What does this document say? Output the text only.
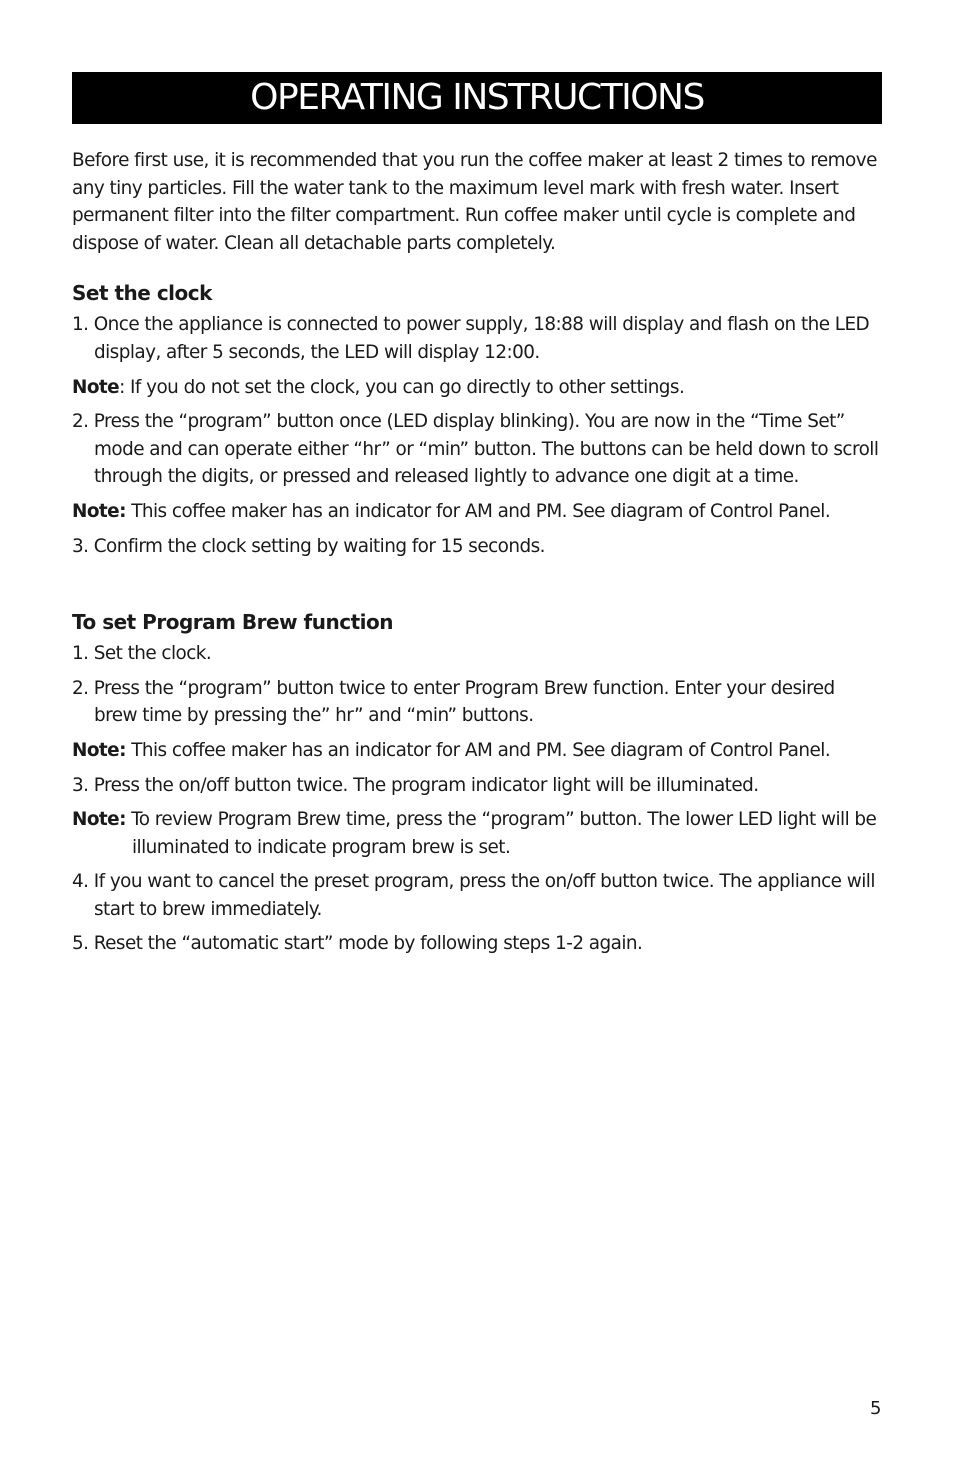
OPERATING INSTRUCTIONS

Before first use, it is recommended that you run the coffee maker at least 2 times to remove any tiny particles. Fill the water tank to the maximum level mark with fresh water. Insert permanent filter into the filter compartment. Run coffee maker until cycle is complete and dispose of water. Clean all detachable parts completely.

Set the clock
1. Once the appliance is connected to power supply, 18:88 will display and flash on the LED display, after 5 seconds, the LED will display 12:00.
Note: If you do not set the clock, you can go directly to other settings.
2. Press the “program” button once (LED display blinking). You are now in the “Time Set” mode and can operate either “hr” or “min” button. The buttons can be held down to scroll through the digits, or pressed and released lightly to advance one digit at a time.
Note: This coffee maker has an indicator for AM and PM. See diagram of Control Panel.
3. Confirm the clock setting by waiting for 15 seconds.
To set Program Brew function
1. Set the clock.
2. Press the “program” button twice to enter Program Brew function. Enter your desired brew time by pressing the” hr” and “min” buttons.
Note: This coffee maker has an indicator for AM and PM. See diagram of Control Panel.
3. Press the on/off button twice. The program indicator light will be illuminated.
Note: To review Program Brew time, press the “program” button. The lower LED light will be illuminated to indicate program brew is set.
4. If you want to cancel the preset program, press the on/off button twice. The appliance will start to brew immediately.
5. Reset the “automatic start” mode by following steps 1-2 again.
5
